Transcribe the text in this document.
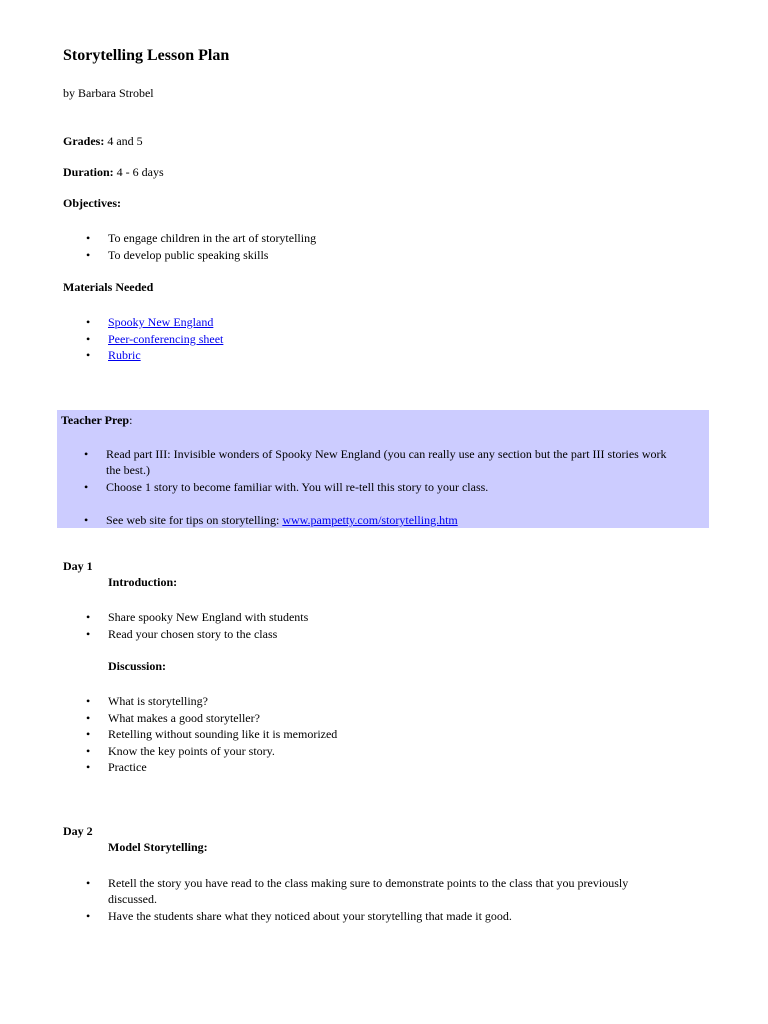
Storytelling Lesson Plan
by Barbara Strobel
Grades: 4 and 5
Duration: 4 - 6 days
Objectives:
• To engage children in the art of storytelling
• To develop public speaking skills
Materials Needed
• Spooky New England
• Peer-conferencing sheet
• Rubric
Teacher Prep:
• Read part III: Invisible wonders of Spooky New England (you can really use any section but the part III stories work
the best.)
• Choose 1 story to become familiar with. You will re-tell this story to your class.
• See web site for tips on storytelling: www.pampetty.com/storytelling.htm
Day 1
Introduction:
• Share spooky New England with students
• Read your chosen story to the class
Discussion:
• What is storytelling?
• What makes a good storyteller?
• Retelling without sounding like it is memorized
• Know the key points of your story.
• Practice
Day 2
Model Storytelling:
• Retell the story you have read to the class making sure to demonstrate points to the class that you previously
discussed.
• Have the students share what they noticed about your storytelling that made it good.
